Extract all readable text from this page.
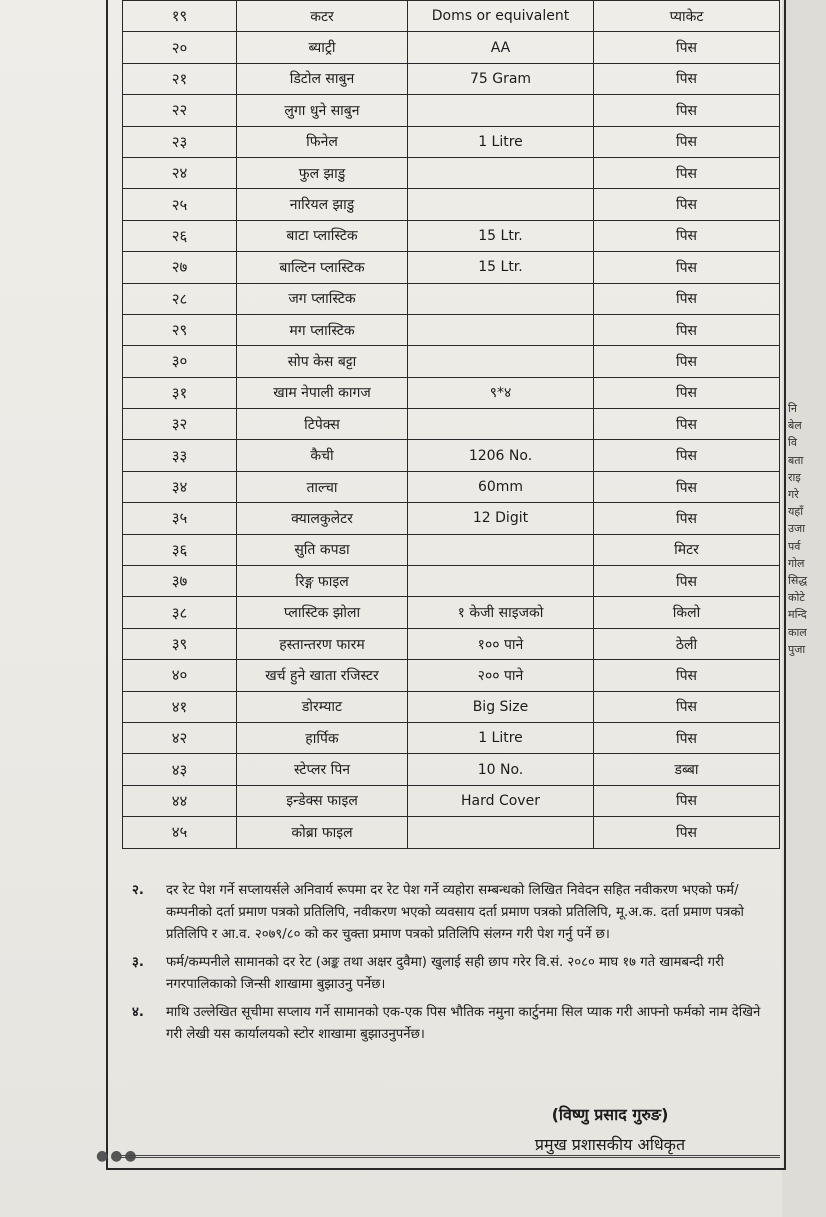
१९	कटर	Doms or equivalent	प्याकेट
२०	ब्याट्री	AA	पिस
२१	डिटोल साबुन	75 Gram	पिस
२२	लुगा धुने साबुन		पिस
२३	फिनेल	1 Litre	पिस
२४	फुल झाडु		पिस
२५	नारियल झाडु		पिस
२६	बाटा प्लास्टिक	15 Ltr.	पिस
२७	बाल्टिन प्लास्टिक	15 Ltr.	पिस
२८	जग प्लास्टिक		पिस
२९	मग प्लास्टिक		पिस
३०	सोप केस बट्टा		पिस
३१	खाम नेपाली कागज	९*४	पिस
३२	टिपेक्स		पिस
३३	कैची	1206 No.	पिस
३४	ताल्चा	60mm	पिस
३५	क्यालकुलेटर	12 Digit	पिस
३६	सुति कपडा		मिटर
३७	रिङ्ग फाइल		पिस
३८	प्लास्टिक झोला	१ केजी साइजको	किलो
३९	हस्तान्तरण फारम	१०० पाने	ठेली
४०	खर्च हुने खाता रजिस्टर	२०० पाने	पिस
४१	डोरम्याट	Big Size	पिस
४२	हार्पिक	1 Litre	पिस
४३	स्टेप्लर पिन	10 No.	डब्बा
४४	इन्डेक्स फाइल	Hard Cover	पिस
४५	कोब्रा फाइल		पिस
२. दर रेट पेश गर्ने सप्लायर्सले अनिवार्य रूपमा दर रेट पेश गर्ने व्यहोरा सम्बन्धको लिखित निवेदन सहित नवीकरण भएको फर्म/कम्पनीको दर्ता प्रमाण पत्रको प्रतिलिपि, नवीकरण भएको व्यवसाय दर्ता प्रमाण पत्रको प्रतिलिपि, मू.अ.क. दर्ता प्रमाण पत्रको प्रतिलिपि र आ.व. २०७९/८० को कर चुक्ता प्रमाण पत्रको प्रतिलिपि संलग्न गरी पेश गर्नु पर्ने छ।
३. फर्म/कम्पनीले सामानको दर रेट (अङ्क तथा अक्षर दुवैमा) खुलाई सही छाप गरेर वि.सं. २०८० माघ १७ गते खामबन्दी गरी नगरपालिकाको जिन्सी शाखामा बुझाउनु पर्नेछ।
४. माथि उल्लेखित सूचीमा सप्लाय गर्ने सामानको एक-एक पिस भौतिक नमुना कार्टुनमा सिल प्याक गरी आफ्नो फर्मको नाम देखिने गरी लेखी यस कार्यालयको स्टोर शाखामा बुझाउनुपर्नेछ।
(विष्णु प्रसाद गुरुङ)
प्रमुख प्रशासकीय अधिकृत
●●●
नि
बेल
वि
बता
राइ
गरे
यहाँ
उजा
पर्व
गोल
सिद्ध
कोटे
मन्दि
काल
पुजा
